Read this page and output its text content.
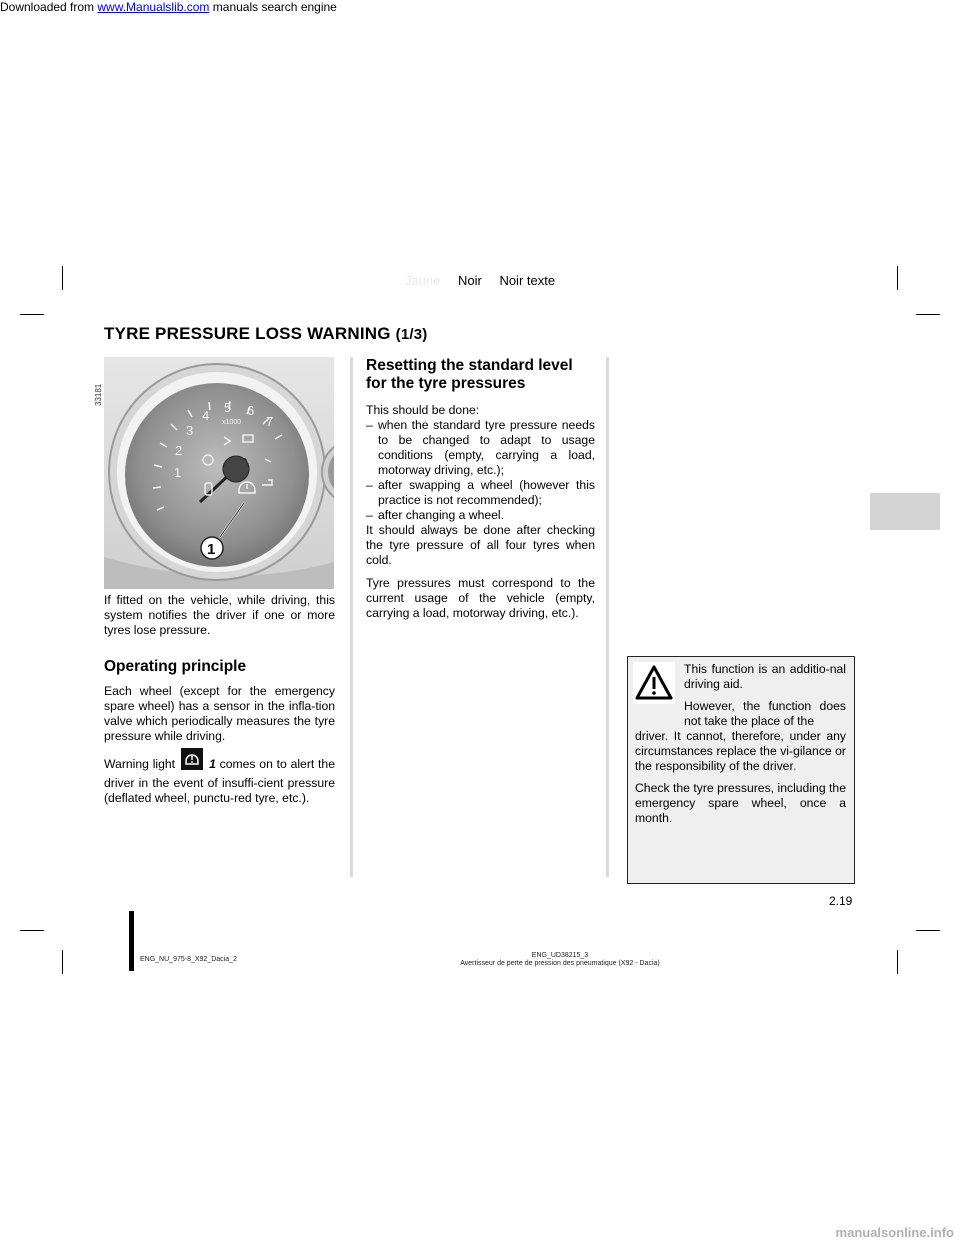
Downloaded from www.Manualslib.com manuals search engine
Jaune Noir Noir texte
TYRE PRESSURE LOSS WARNING (1/3)
33181
1
2
3
4
5 6
7
x1000
1

If fitted on the vehicle, while driving, this system notifies the driver if one or more tyres lose pressure.

Operating principle

Each wheel (except for the emergency spare wheel) has a sensor in the infla-tion valve which periodically measures the tyre pressure while driving.

Warning light	1 comes on to alert the driver in the event of insuffi-cient pressure (deflated wheel, punctu-red tyre, etc.).

Resetting the standard level for the tyre pressures
This should be done:
– when the standard tyre pressure needs to be changed to adapt to usage conditions (empty, carrying a load, motorway driving, etc.);
– after swapping a wheel (however this practice is not recommended);
– after changing a wheel.

It should always be done after checking the tyre pressure of all four tyres when cold.

Tyre pressures must correspond to the current usage of the vehicle (empty, carrying a load, motorway driving, etc.).

This function is an additio-nal driving aid.

However, the function does not take the place of the

driver. It cannot, therefore, under any circumstances replace the vi-gilance or the responsibility of the driver.

Check the tyre pressures, including the emergency spare wheel, once a month.

2.19
ENG_NU_975-8_X92_Dacia_2
ENG_UD38215_3
Avertisseur de perte de pression des pneumatique (X92 - Dacia)
manualsonline.info
